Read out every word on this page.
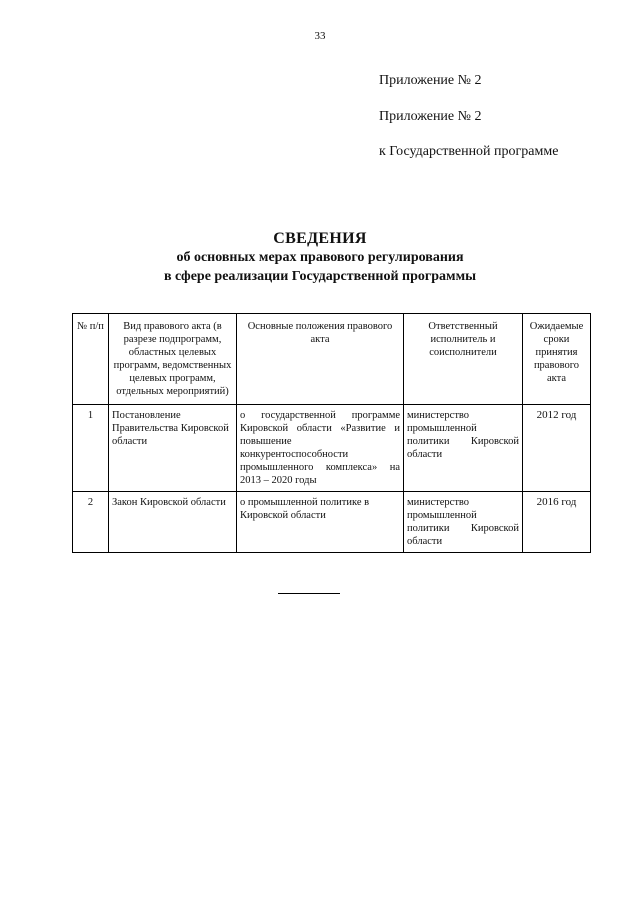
33
Приложение № 2
Приложение № 2
к Государственной программе
СВЕДЕНИЯ
об основных мерах правового регулирования
в сфере реализации Государственной программы
№ п/п	Вид правового акта (в разрезе подпрограмм, областных целевых программ, ведомственных целевых программ, отдельных мероприятий)	Основные положения правового акта	Ответственный исполнитель и соисполнители	Ожидаемые сроки принятия правового акта
1	Постановление Правительства Кировской области	о государственной программе Кировской области «Развитие и повышение конкурентоспособности промышленного комплекса» на 2013 – 2020 годы	министерство промышленной политики Кировской области	2012 год
2	Закон Кировской области	о промышленной политике в Кировской области	министерство промышленной политики Кировской области	2016 год
